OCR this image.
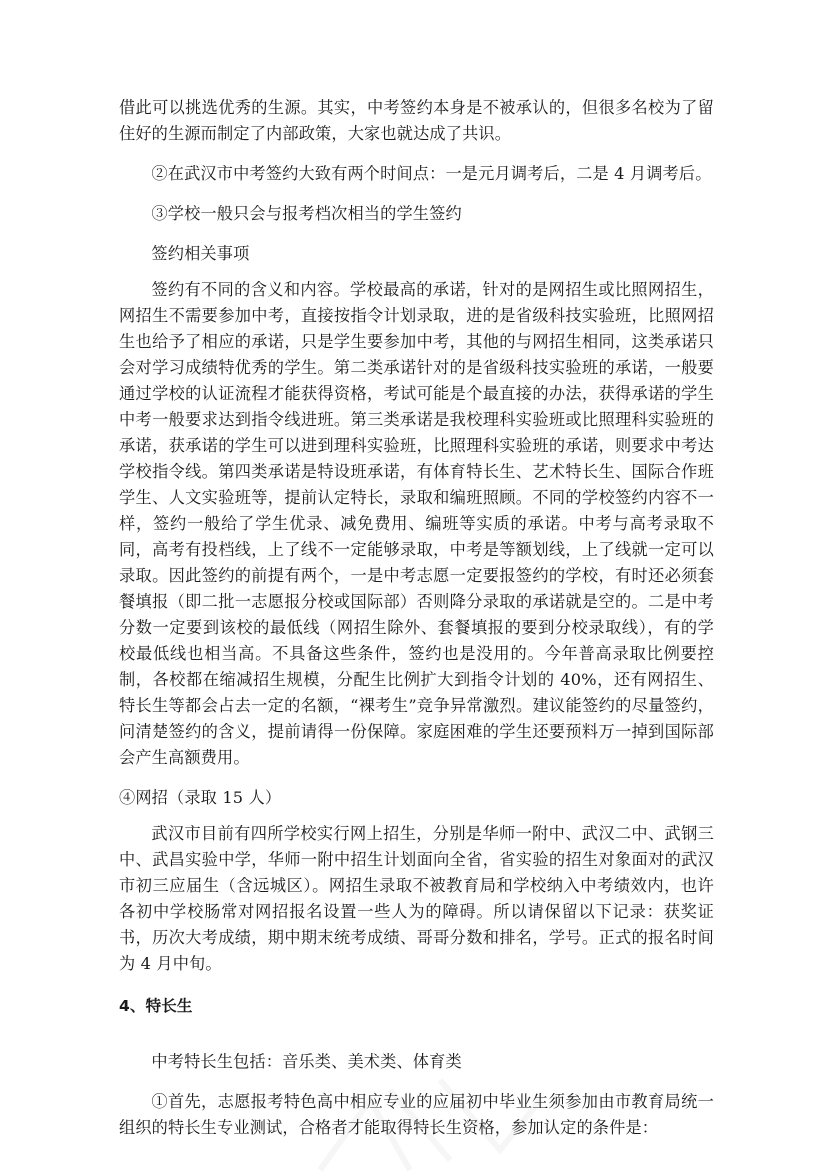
借此可以挑选优秀的生源。其实，中考签约本身是不被承认的，但很多名校为了留住好的生源而制定了内部政策，大家也就达成了共识。

②在武汉市中考签约大致有两个时间点：一是元月调考后，二是 4 月调考后。

③学校一般只会与报考档次相当的学生签约

签约相关事项

签约有不同的含义和内容。学校最高的承诺，针对的是网招生或比照网招生，网招生不需要参加中考，直接按指令计划录取，进的是省级科技实验班，比照网招生也给予了相应的承诺，只是学生要参加中考，其他的与网招生相同，这类承诺只会对学习成绩特优秀的学生。第二类承诺针对的是省级科技实验班的承诺，一般要通过学校的认证流程才能获得资格，考试可能是个最直接的办法，获得承诺的学生中考一般要求达到指令线进班。第三类承诺是我校理科实验班或比照理科实验班的承诺，获承诺的学生可以进到理科实验班，比照理科实验班的承诺，则要求中考达学校指令线。第四类承诺是特设班承诺，有体育特长生、艺术特长生、国际合作班学生、人文实验班等，提前认定特长，录取和编班照顾。不同的学校签约内容不一样，签约一般给了学生优录、减免费用、编班等实质的承诺。中考与高考录取不同，高考有投档线，上了线不一定能够录取，中考是等额划线，上了线就一定可以录取。因此签约的前提有两个，一是中考志愿一定要报签约的学校，有时还必须套餐填报（即二批一志愿报分校或国际部）否则降分录取的承诺就是空的。二是中考分数一定要到该校的最低线（网招生除外、套餐填报的要到分校录取线），有的学校最低线也相当高。不具备这些条件，签约也是没用的。今年普高录取比例要控制，各校都在缩减招生规模，分配生比例扩大到指令计划的 40%，还有网招生、特长生等都会占去一定的名额，“裸考生”竞争异常激烈。建议能签约的尽量签约，问清楚签约的含义，提前请得一份保障。家庭困难的学生还要预料万一掉到国际部会产生高额费用。

④网招（录取 15 人）

武汉市目前有四所学校实行网上招生，分别是华师一附中、武汉二中、武钢三中、武昌实验中学，华师一附中招生计划面向全省，省实验的招生对象面对的武汉市初三应届生（含远城区）。网招生录取不被教育局和学校纳入中考绩效内，也许各初中学校肠常对网招报名设置一些人为的障碍。所以请保留以下记录：获奖证书，历次大考成绩，期中期末统考成绩、哥哥分数和排名，学号。正式的报名时间为 4 月中旬。

4、特长生

中考特长生包括：音乐类、美术类、体育类

①首先，志愿报考特色高中相应专业的应届初中毕业生须参加由市教育局统一组织的特长生专业测试，合格者才能取得特长生资格，参加认定的条件是：
